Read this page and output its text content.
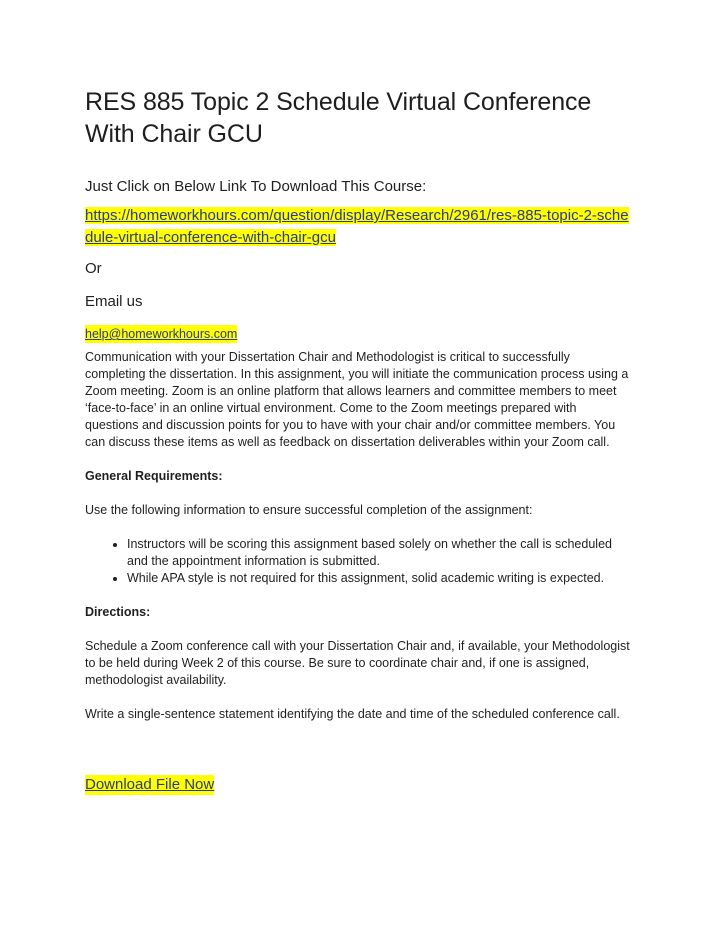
RES 885 Topic 2 Schedule Virtual Conference With Chair GCU

Just Click on Below Link To Download This Course:

https://homeworkhours.com/question/display/Research/2961/res-885-topic-2-schedule-virtual-conference-with-chair-gcu

Or

Email us

help@homeworkhours.com

Communication with your Dissertation Chair and Methodologist is critical to successfully completing the dissertation. In this assignment, you will initiate the communication process using a Zoom meeting. Zoom is an online platform that allows learners and committee members to meet ‘face-to-face’ in an online virtual environment. Come to the Zoom meetings prepared with questions and discussion points for you to have with your chair and/or committee members. You can discuss these items as well as feedback on dissertation deliverables within your Zoom call.

General Requirements:

Use the following information to ensure successful completion of the assignment:

• Instructors will be scoring this assignment based solely on whether the call is scheduled and the appointment information is submitted.
• While APA style is not required for this assignment, solid academic writing is expected.

Directions:

Schedule a Zoom conference call with your Dissertation Chair and, if available, your Methodologist to be held during Week 2 of this course. Be sure to coordinate chair and, if one is assigned, methodologist availability.

Write a single-sentence statement identifying the date and time of the scheduled conference call.

Download File Now
